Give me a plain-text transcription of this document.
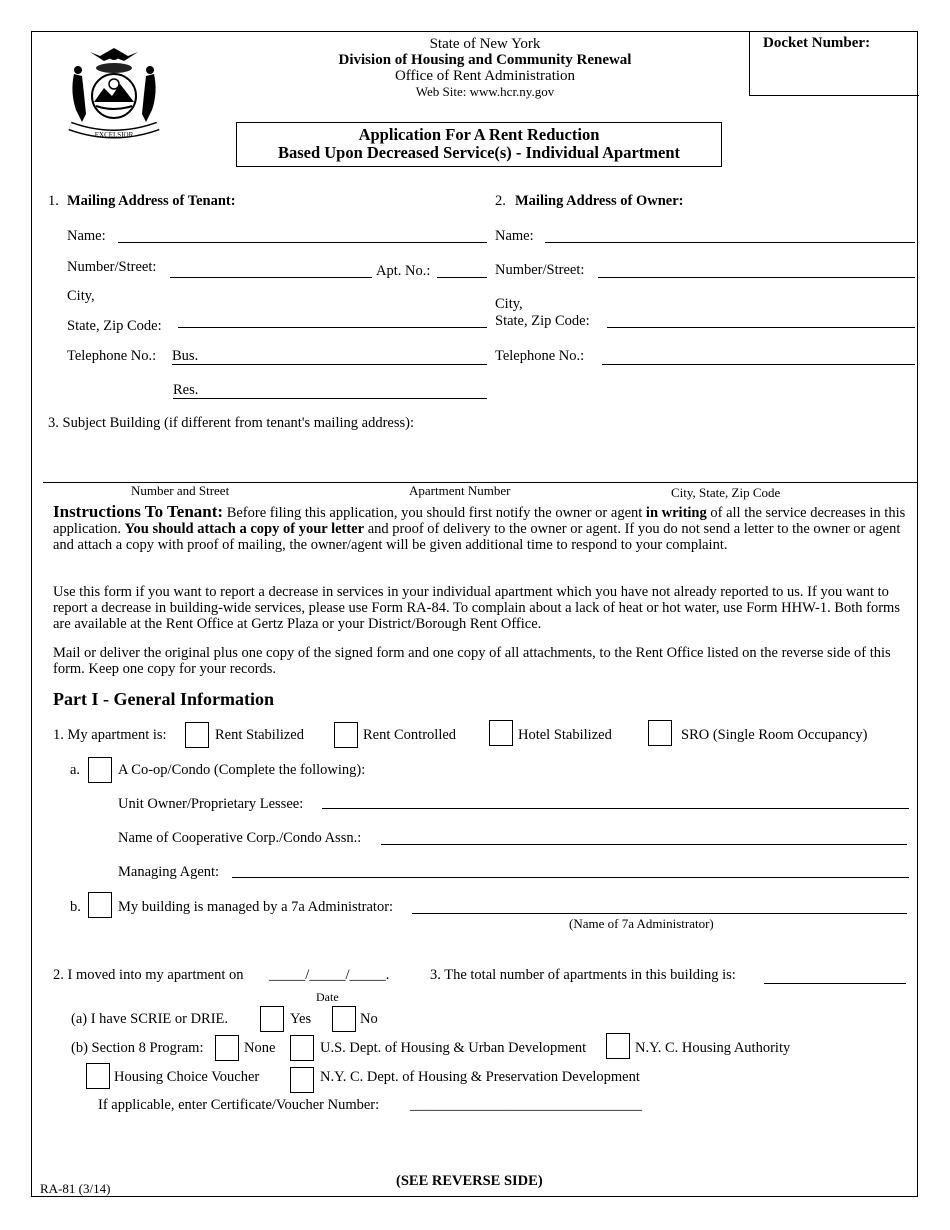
Docket Number:
EXCELSIOR
State of New York
Division of Housing and Community Renewal
Office of Rent Administration
Web Site: www.hcr.ny.gov
Application For A Rent Reduction
Based Upon Decreased Service(s) - Individual Apartment
1. Mailing Address of Tenant:
Name:
Number/Street:	Apt. No.:
City,
State, Zip Code:
Telephone No.: Bus.
Res.
2. Mailing Address of Owner:
Name:
Number/Street:
City,
State, Zip Code:
Telephone No.:
3. Subject Building (if different from tenant's mailing address):
Number and Street	Apartment Number	City, State, Zip Code
Instructions To Tenant: Before filing this application, you should first notify the owner or agent in writing of all the service decreases in this application. You should attach a copy of your letter and proof of delivery to the owner or agent. If you do not send a letter to the owner or agent and attach a copy with proof of mailing, the owner/agent will be given additional time to respond to your complaint.
Use this form if you want to report a decrease in services in your individual apartment which you have not already reported to us. If you want to report a decrease in building-wide services, please use Form RA-84. To complain about a lack of heat or hot water, use Form HHW-1. Both forms are available at the Rent Office at Gertz Plaza or your District/Borough Rent Office.
Mail or deliver the original plus one copy of the signed form and one copy of all attachments, to the Rent Office listed on the reverse side of this form. Keep one copy for your records.
Part I - General Information
1. My apartment is:	Rent Stabilized	Rent Controlled	Hotel Stabilized	SRO (Single Room Occupancy)
a.	A Co-op/Condo (Complete the following):
Unit Owner/Proprietary Lessee:
Name of Cooperative Corp./Condo Assn.:
Managing Agent:
b.	My building is managed by a 7a Administrator:
(Name of 7a Administrator)
2. I moved into my apartment on _____/_____/_____.
Date
3. The total number of apartments in this building is:
(a) I have SCRIE or DRIE.	Yes	No
(b) Section 8 Program:	None	U.S. Dept. of Housing & Urban Development	N.Y. C. Housing Authority
Housing Choice Voucher	N.Y. C. Dept. of Housing & Preservation Development
If applicable, enter Certificate/Voucher Number: ________________________________
RA-81 (3/14)	(SEE REVERSE SIDE)
